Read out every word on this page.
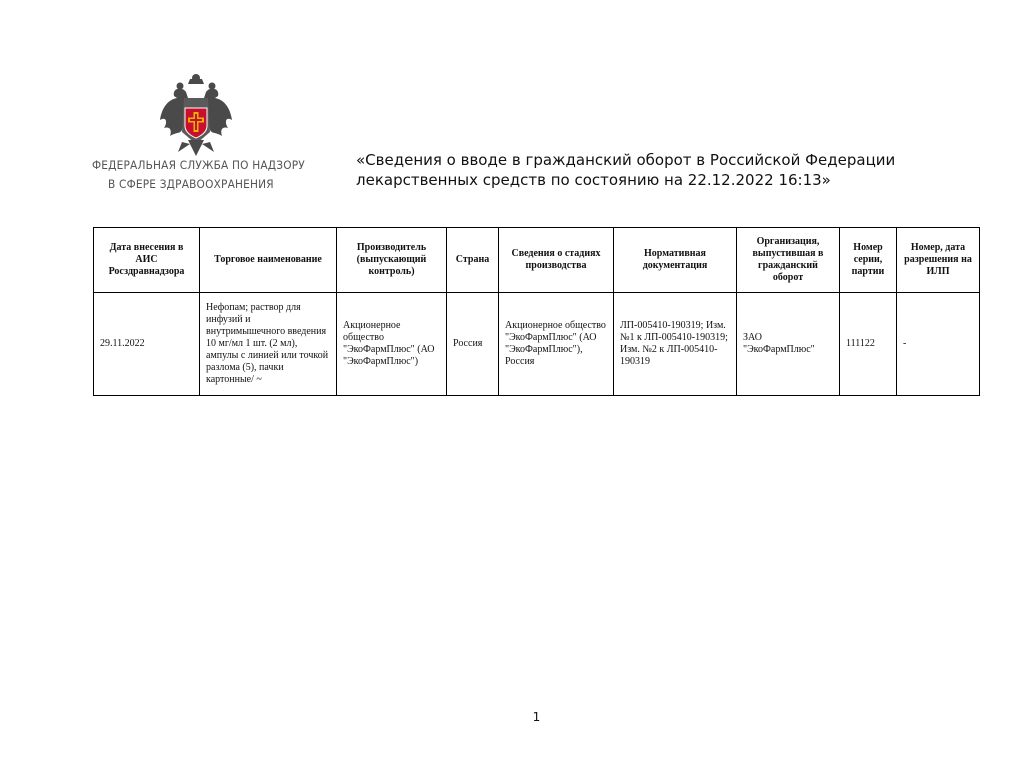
ФЕДЕРАЛЬНАЯ СЛУЖБА ПО НАДЗОРУ
В СФЕРЕ ЗДРАВООХРАНЕНИЯ
«Сведения о вводе в гражданский оборот в Российской Федерации
лекарственных средств по состоянию на 22.12.2022 16:13»
Дата внесения в АИС Росздравнадзора	Торговое наименование	Производитель (выпускающий контроль)	Страна	Сведения о стадиях производства	Нормативная документация	Организация, выпустившая в гражданский оборот	Номер серии, партии	Номер, дата разрешения на ИЛП
29.11.2022	Нефопам; раствор для инфузий и внутримышечного введения 10 мг/мл 1 шт. (2 мл), ампулы с линией или точкой разлома (5), пачки картонные/ ~	Акционерное общество "ЭкоФармПлюс" (АО "ЭкоФармПлюс")	Россия	Акционерное общество "ЭкоФармПлюс" (АО "ЭкоФармПлюс"), Россия	ЛП-005410-190319; Изм. №1 к ЛП-005410-190319; Изм. №2 к ЛП-005410-190319	ЗАО "ЭкоФармПлюс"	111122	-
1
